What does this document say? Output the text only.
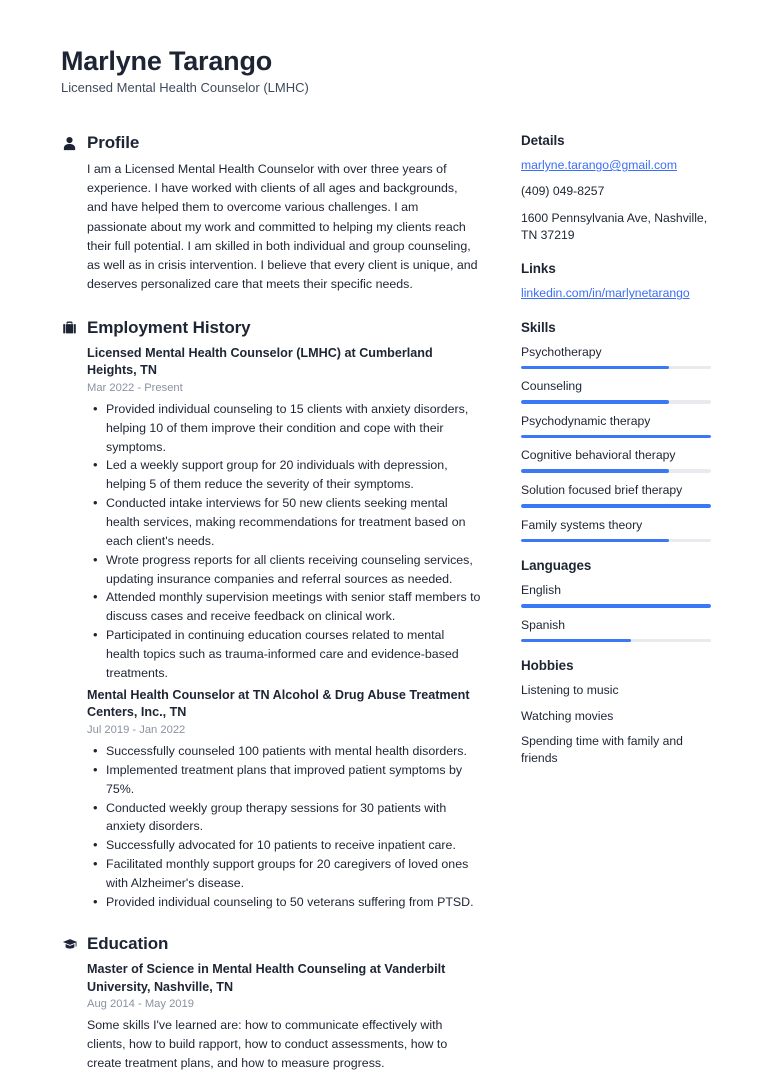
Marlyne Tarango
Licensed Mental Health Counselor (LMHC)
Profile

I am a Licensed Mental Health Counselor with over three years of experience. I have worked with clients of all ages and backgrounds, and have helped them to overcome various challenges. I am passionate about my work and committed to helping my clients reach their full potential. I am skilled in both individual and group counseling, as well as in crisis intervention. I believe that every client is unique, and deserves personalized care that meets their specific needs.

Employment History
Licensed Mental Health Counselor (LMHC) at Cumberland Heights, TN
Mar 2022 - Present
• Provided individual counseling to 15 clients with anxiety disorders, helping 10 of them improve their condition and cope with their symptoms.
• Led a weekly support group for 20 individuals with depression, helping 5 of them reduce the severity of their symptoms.
• Conducted intake interviews for 50 new clients seeking mental health services, making recommendations for treatment based on each client's needs.
• Wrote progress reports for all clients receiving counseling services, updating insurance companies and referral sources as needed.
• Attended monthly supervision meetings with senior staff members to discuss cases and receive feedback on clinical work.
• Participated in continuing education courses related to mental health topics such as trauma-informed care and evidence-based treatments.
Mental Health Counselor at TN Alcohol & Drug Abuse Treatment Centers, Inc., TN
Jul 2019 - Jan 2022
• Successfully counseled 100 patients with mental health disorders.
• Implemented treatment plans that improved patient symptoms by 75%.
• Conducted weekly group therapy sessions for 30 patients with anxiety disorders.
• Successfully advocated for 10 patients to receive inpatient care.
• Facilitated monthly support groups for 20 caregivers of loved ones with Alzheimer's disease.
• Provided individual counseling to 50 veterans suffering from PTSD.
Education
Master of Science in Mental Health Counseling at Vanderbilt University, Nashville, TN
Aug 2014 - May 2019
Some skills I've learned are: how to communicate effectively with clients, how to build rapport, how to conduct assessments, how to create treatment plans, and how to measure progress.
Details
marlyne.tarango@gmail.com
(409) 049-8257
1600 Pennsylvania Ave, Nashville, TN 37219
Links
linkedin.com/in/marlynetarango
Skills
Psychotherapy
Counseling
Psychodynamic therapy
Cognitive behavioral therapy
Solution focused brief therapy
Family systems theory
Languages
English
Spanish
Hobbies
Listening to music
Watching movies
Spending time with family and friends
